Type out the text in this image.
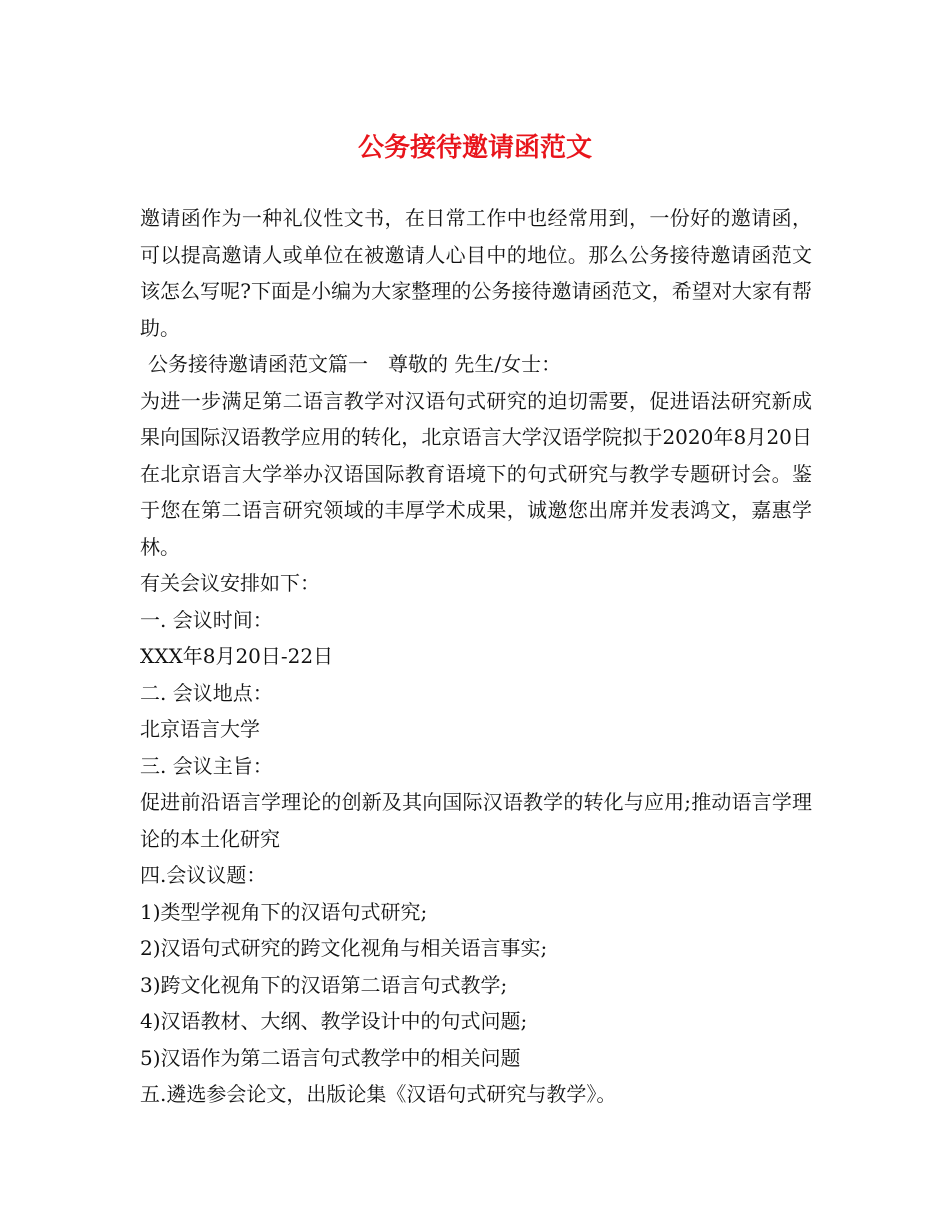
公务接待邀请函范文

邀请函作为一种礼仪性文书，在日常工作中也经常用到，一份好的邀请函，可以提高邀请人或单位在被邀请人心目中的地位。那么公务接待邀请函范文该怎么写呢?下面是小编为大家整理的公务接待邀请函范文，希望对大家有帮助。

公务接待邀请函范文篇一　尊敬的 先生/女士：

为进一步满足第二语言教学对汉语句式研究的迫切需要，促进语法研究新成果向国际汉语教学应用的转化，北京语言大学汉语学院拟于2020年8月20日在北京语言大学举办汉语国际教育语境下的句式研究与教学专题研讨会。鉴于您在第二语言研究领域的丰厚学术成果，诚邀您出席并发表鸿文，嘉惠学林。

有关会议安排如下：

一. 会议时间：

XXX年8月20日-22日

二. 会议地点：

北京语言大学

三. 会议主旨：

促进前沿语言学理论的创新及其向国际汉语教学的转化与应用;推动语言学理论的本土化研究

四.会议议题：

1)类型学视角下的汉语句式研究;

2)汉语句式研究的跨文化视角与相关语言事实;

3)跨文化视角下的汉语第二语言句式教学;

4)汉语教材、大纲、教学设计中的句式问题;

5)汉语作为第二语言句式教学中的相关问题

五.遴选参会论文，出版论集《汉语句式研究与教学》。
